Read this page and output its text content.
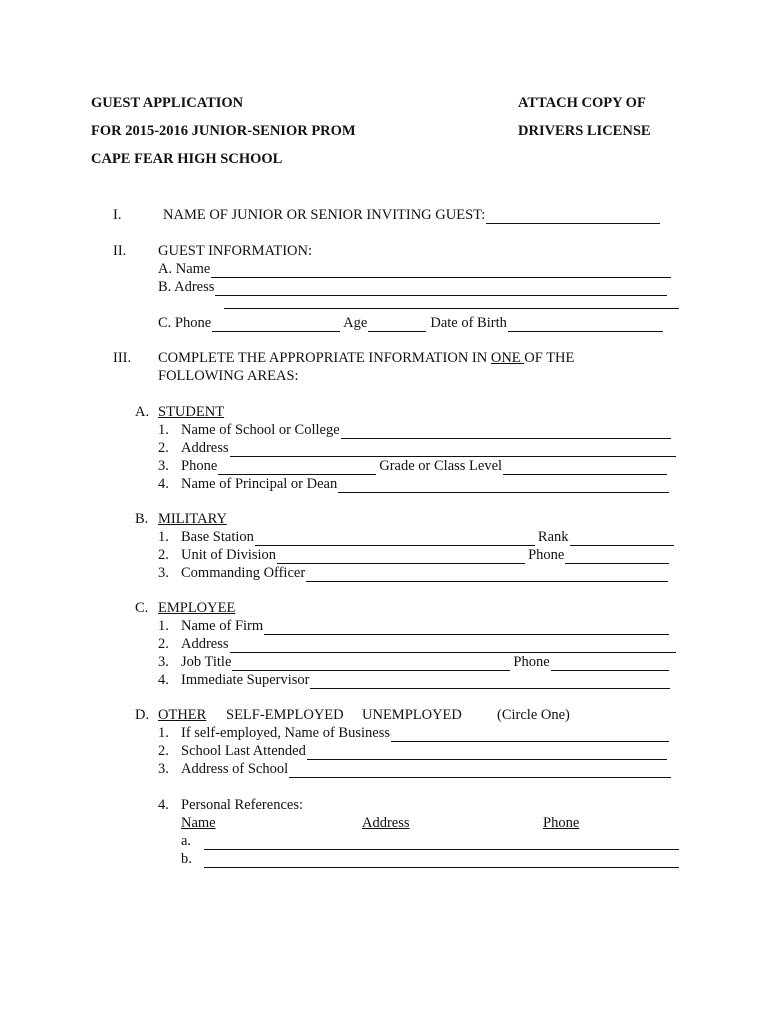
GUEST APPLICATION
FOR 2015-2016 JUNIOR-SENIOR PROM
CAPE FEAR HIGH SCHOOL
ATTACH COPY OF
DRIVERS LICENSE
I.	NAME OF JUNIOR OR SENIOR INVITING GUEST:
II. GUEST INFORMATION:
A. Name
B. Adress
C. Phone	Age	Date of Birth
III. COMPLETE THE APPROPRIATE INFORMATION IN ONE OF THE
FOLLOWING AREAS:
A. STUDENT
1. Name of School or College
2. Address
3. Phone	Grade or Class Level
4. Name of Principal or Dean
B. MILITARY
1. Base Station	Rank
2. Unit of Division	Phone
3. Commanding Officer
C. EMPLOYEE
1. Name of Firm
2. Address
3. Job Title	Phone
4. Immediate Supervisor
D. OTHER SELF-EMPLOYED UNEMPLOYED (Circle One)
1. If self-employed, Name of Business
2. School Last Attended
3. Address of School
4. Personal References:
Name	Address	Phone
a.
b.
